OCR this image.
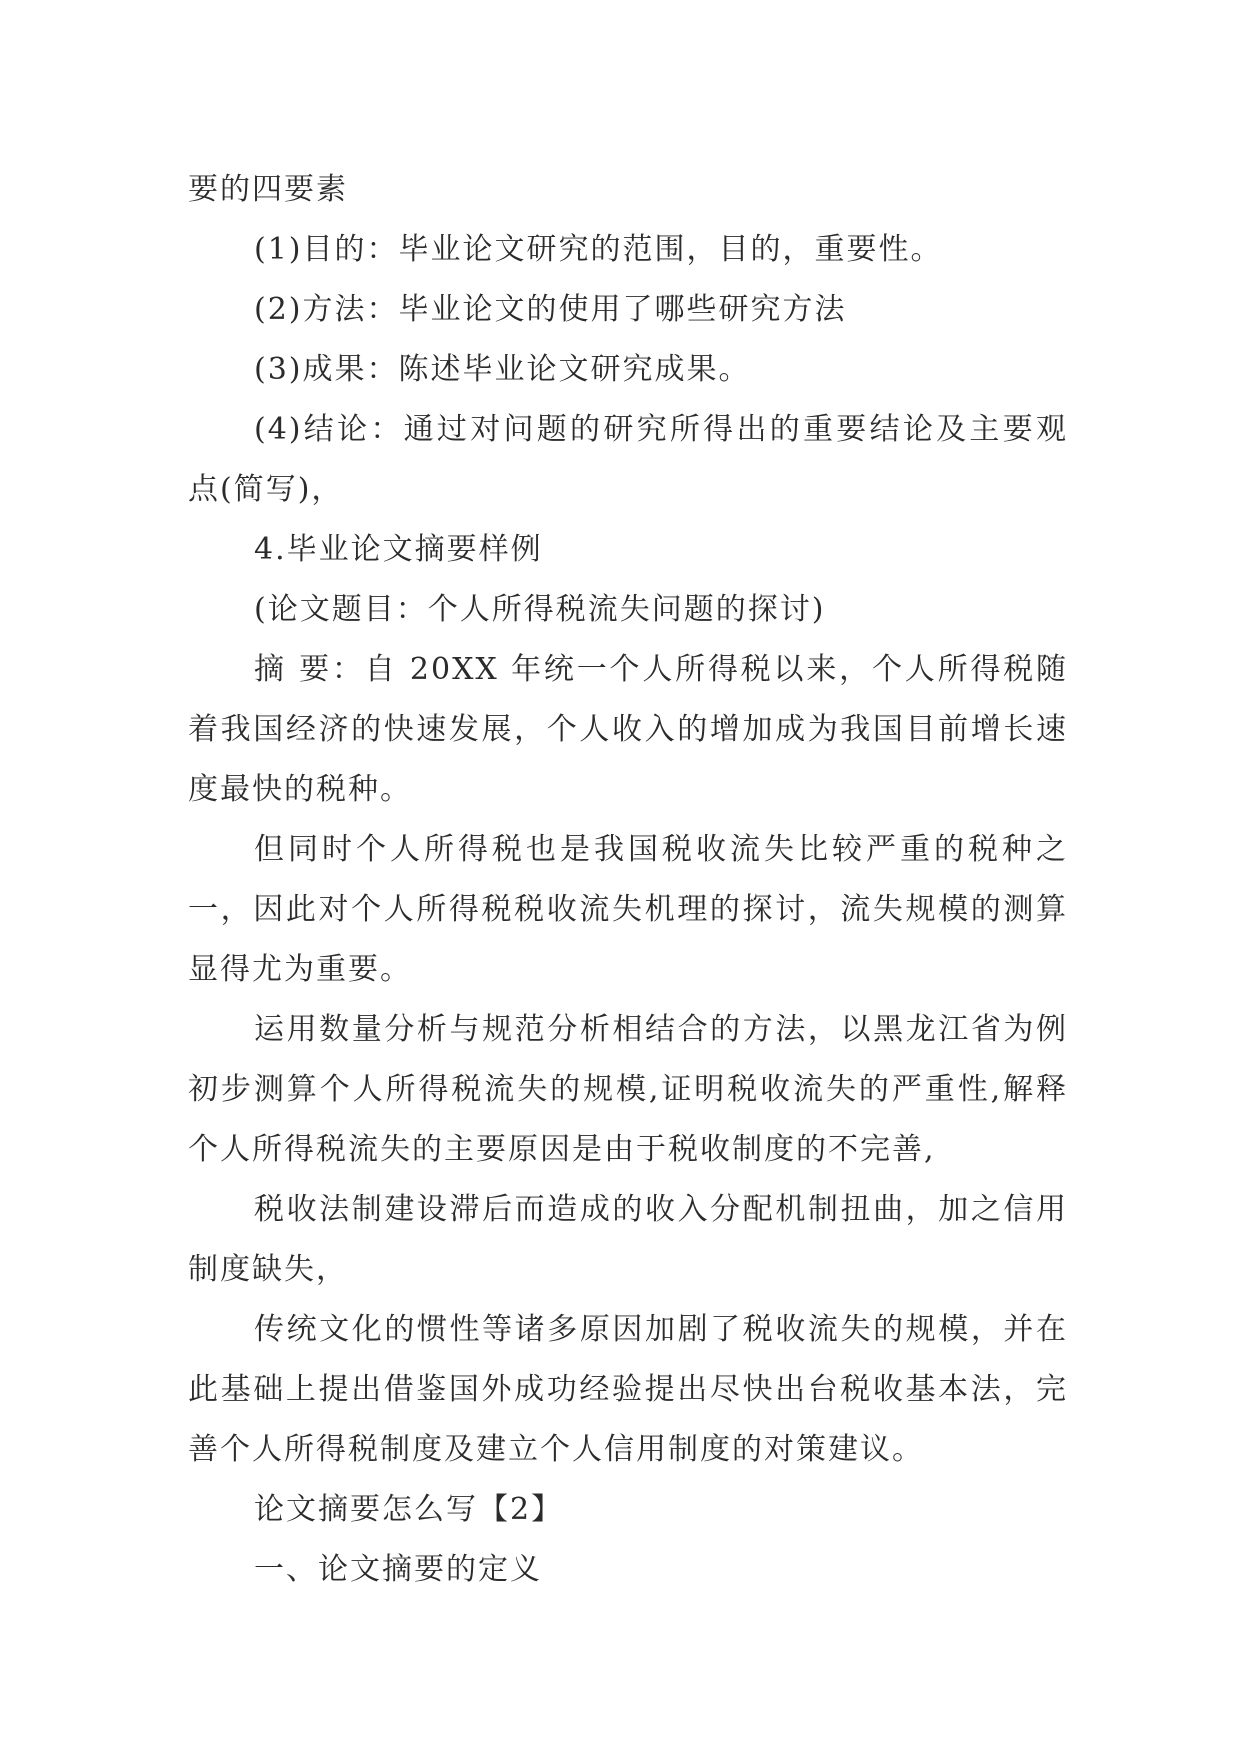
要的四要素

(1)目的：毕业论文研究的范围，目的，重要性。

(2)方法：毕业论文的使用了哪些研究方法

(3)成果：陈述毕业论文研究成果。

(4)结论：通过对问题的研究所得出的重要结论及主要观点(简写)，

4.毕业论文摘要样例

(论文题目：个人所得税流失问题的探讨)

摘 要：自 20XX 年统一个人所得税以来，个人所得税随着我国经济的快速发展，个人收入的增加成为我国目前增长速度最快的税种。

但同时个人所得税也是我国税收流失比较严重的税种之一，因此对个人所得税税收流失机理的探讨，流失规模的测算显得尤为重要。

运用数量分析与规范分析相结合的方法，以黑龙江省为例初步测算个人所得税流失的规模,证明税收流失的严重性,解释个人所得税流失的主要原因是由于税收制度的不完善,

税收法制建设滞后而造成的收入分配机制扭曲，加之信用制度缺失，

传统文化的惯性等诸多原因加剧了税收流失的规模，并在此基础上提出借鉴国外成功经验提出尽快出台税收基本法，完善个人所得税制度及建立个人信用制度的对策建议。

论文摘要怎么写【2】

一、论文摘要的定义
